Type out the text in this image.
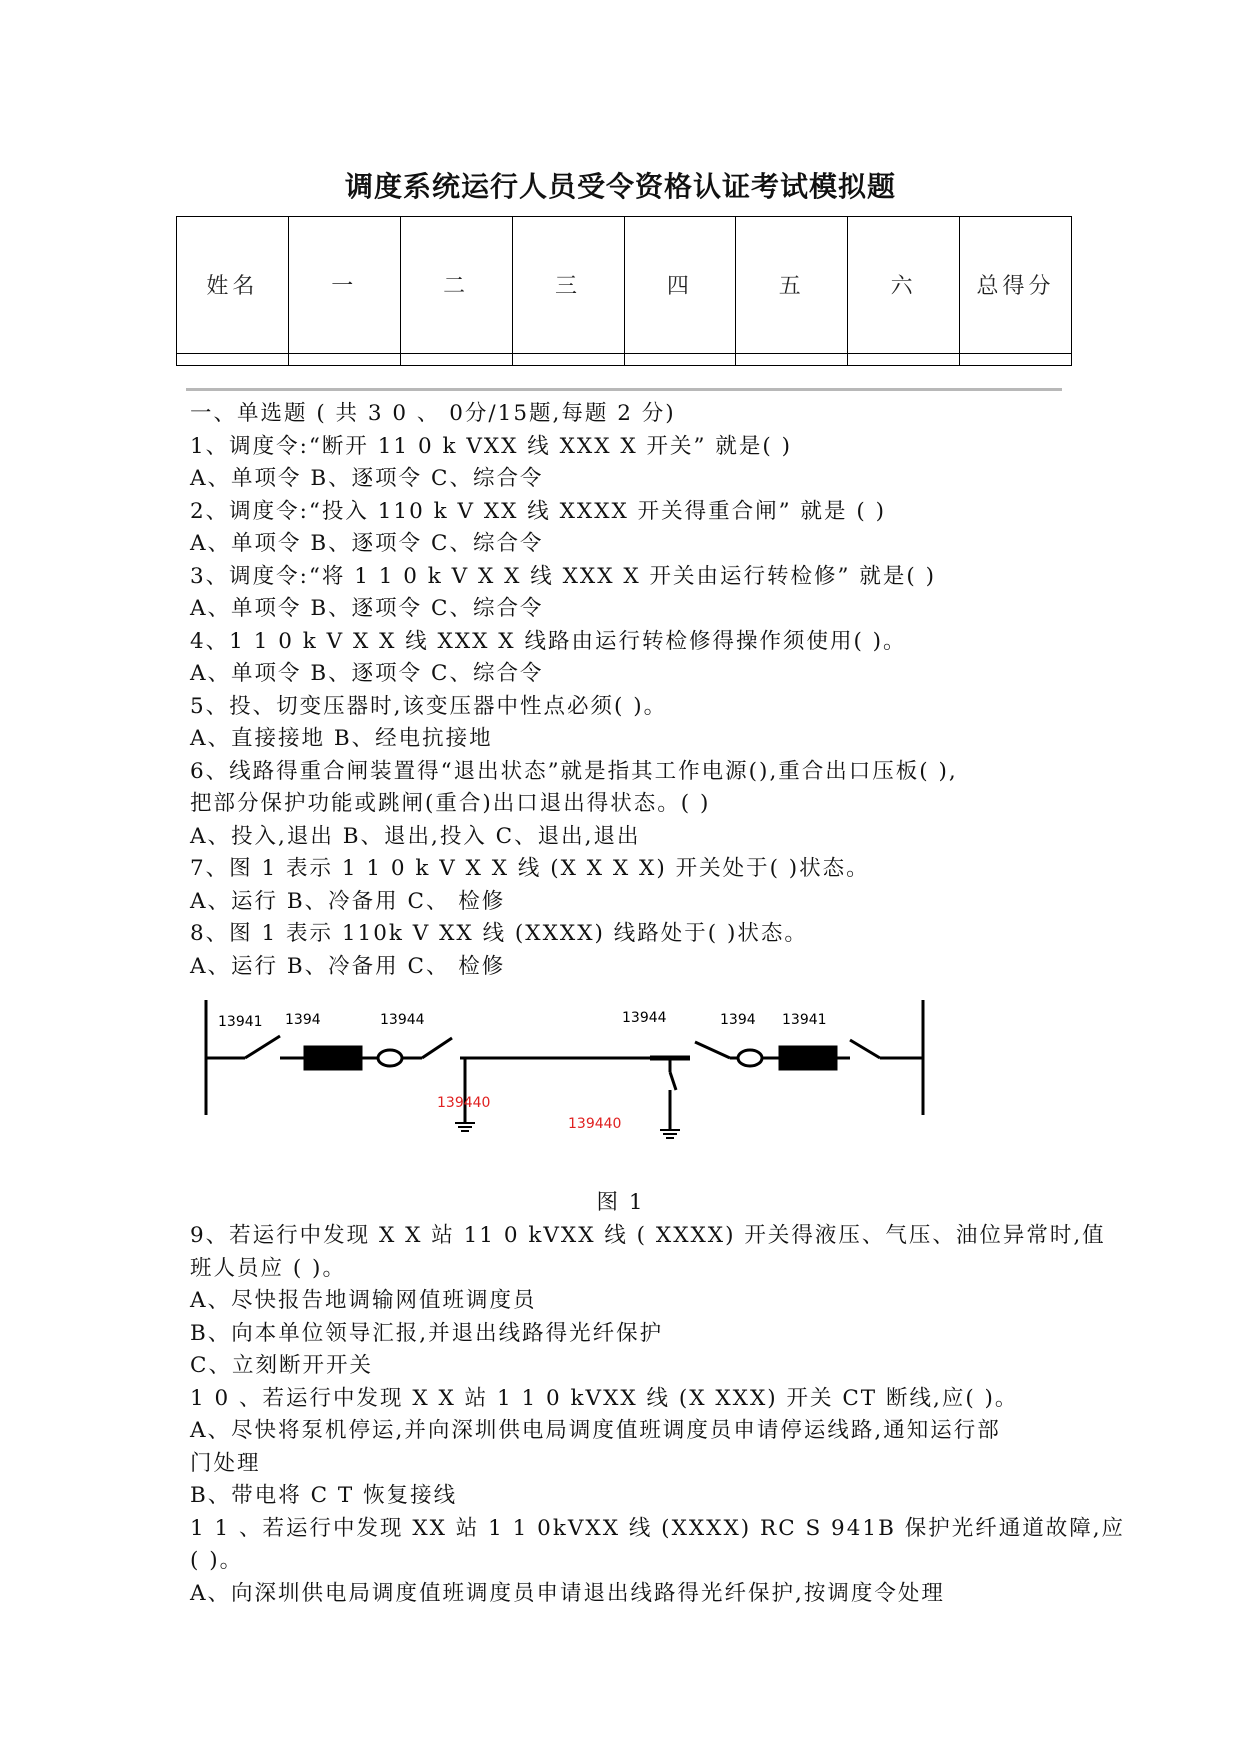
调度系统运行人员受令资格认证考试模拟题
姓名	一	二	三	四	五	六	总得分

一、单选题 ( 共 3 0 、 0分/15题,每题 2 分)
1、调度令:“断开 11 0 k VXX 线 XXX X 开关” 就是( )
A、单项令 B、逐项令 C、综合令
2、调度令:“投入 110 k V XX 线 XXXX 开关得重合闸” 就是 ( )
A、单项令 B、逐项令 C、综合令
3、调度令:“将 1 1 0 k V X X 线 XXX X 开关由运行转检修” 就是( )
A、单项令 B、逐项令 C、综合令
4、1 1 0 k V X X 线 XXX X 线路由运行转检修得操作须使用( )。
A、单项令 B、逐项令 C、综合令
5、投、切变压器时,该变压器中性点必须( )。
A、直接接地 B、经电抗接地
6、线路得重合闸装置得“退出状态”就是指其工作电源(),重合出口压板( ),
把部分保护功能或跳闸(重合)出口退出得状态。( )
A、投入,退出 B、退出,投入 C、退出,退出
7、图 1 表示 1 1 0 k V X X 线 (X X X X) 开关处于( )状态。
A、运行 B、冷备用 C、 检修
8、图 1 表示 110k V XX 线 (XXXX) 线路处于( )状态。
A、运行 B、冷备用 C、 检修
13941 1394	13944	13944	1394 13941
139440
139440
图 1
9、若运行中发现 X X 站 11 0 kVXX 线 ( XXXX) 开关得液压、气压、油位异常时,值
班人员应 ( )。
A、尽快报告地调输网值班调度员
B、向本单位领导汇报,并退出线路得光纤保护
C、立刻断开开关
1 0 、若运行中发现 X X 站 1 1 0 kVXX 线 (X XXX) 开关 CT 断线,应( )。
A、尽快将泵机停运,并向深圳供电局调度值班调度员申请停运线路,通知运行部
门处理
B、带电将 C T 恢复接线
1 1 、若运行中发现 XX 站 1 1 0kVXX 线 (XXXX) RC S 941B 保护光纤通道故障,应
( )。
A、向深圳供电局调度值班调度员申请退出线路得光纤保护,按调度令处理
